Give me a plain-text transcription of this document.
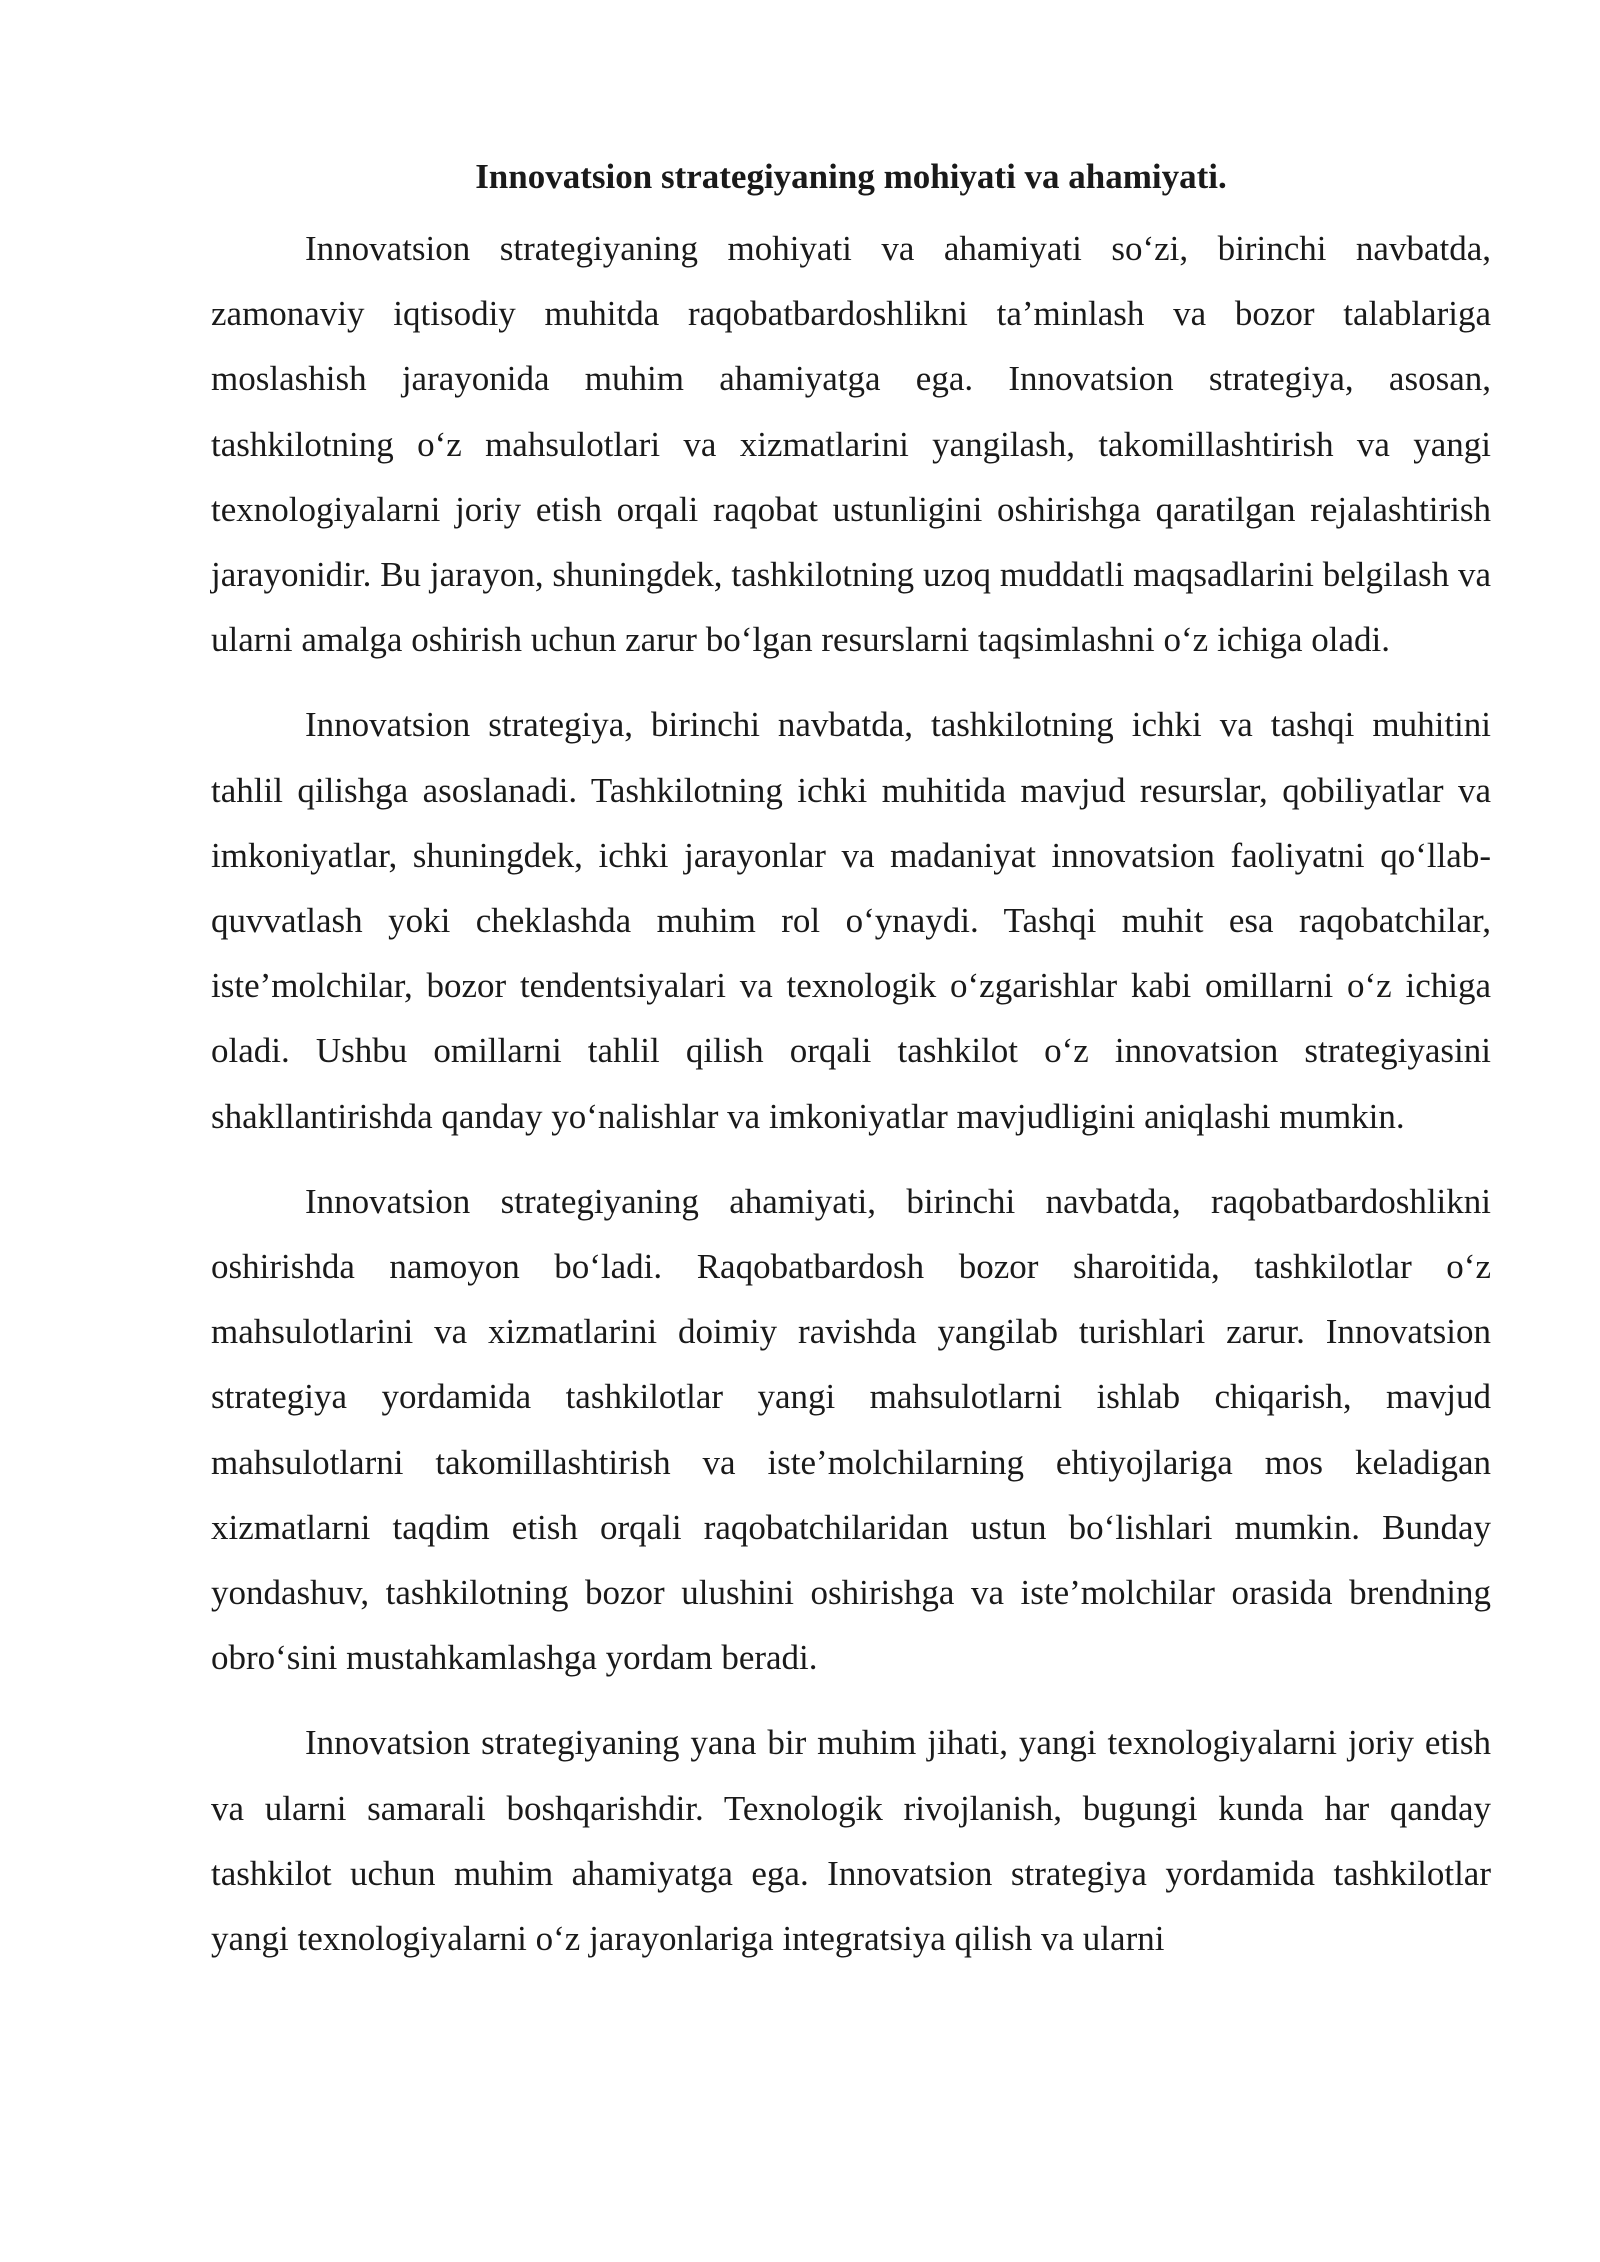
Innovatsion strategiyaning mohiyati va ahamiyati.

Innovatsion strategiyaning mohiyati va ahamiyati so‘zi, birinchi navbatda, zamonaviy iqtisodiy muhitda raqobatbardoshlikni ta’minlash va bozor talablariga moslashish jarayonida muhim ahamiyatga ega. Innovatsion strategiya, asosan, tashkilotning o‘z mahsulotlari va xizmatlarini yangilash, takomillashtirish va yangi texnologiyalarni joriy etish orqali raqobat ustunligini oshirishga qaratilgan rejalashtirish jarayonidir. Bu jarayon, shuningdek, tashkilotning uzoq muddatli maqsadlarini belgilash va ularni amalga oshirish uchun zarur bo‘lgan resurslarni taqsimlashni o‘z ichiga oladi.

Innovatsion strategiya, birinchi navbatda, tashkilotning ichki va tashqi muhitini tahlil qilishga asoslanadi. Tashkilotning ichki muhitida mavjud resurslar, qobiliyatlar va imkoniyatlar, shuningdek, ichki jarayonlar va madaniyat innovatsion faoliyatni qo‘llab-quvvatlash yoki cheklashda muhim rol o‘ynaydi. Tashqi muhit esa raqobatchilar, iste’molchilar, bozor tendentsiyalari va texnologik o‘zgarishlar kabi omillarni o‘z ichiga oladi. Ushbu omillarni tahlil qilish orqali tashkilot o‘z innovatsion strategiyasini shakllantirishda qanday yo‘nalishlar va imkoniyatlar mavjudligini aniqlashi mumkin.

Innovatsion strategiyaning ahamiyati, birinchi navbatda, raqobatbardoshlikni oshirishda namoyon bo‘ladi. Raqobatbardosh bozor sharoitida, tashkilotlar o‘z mahsulotlarini va xizmatlarini doimiy ravishda yangilab turishlari zarur. Innovatsion strategiya yordamida tashkilotlar yangi mahsulotlarni ishlab chiqarish, mavjud mahsulotlarni takomillashtirish va iste’molchilarning ehtiyojlariga mos keladigan xizmatlarni taqdim etish orqali raqobatchilaridan ustun bo‘lishlari mumkin. Bunday yondashuv, tashkilotning bozor ulushini oshirishga va iste’molchilar orasida brendning obro‘sini mustahkamlashga yordam beradi.

Innovatsion strategiyaning yana bir muhim jihati, yangi texnologiyalarni joriy etish va ularni samarali boshqarishdir. Texnologik rivojlanish, bugungi kunda har qanday tashkilot uchun muhim ahamiyatga ega. Innovatsion strategiya yordamida tashkilotlar yangi texnologiyalarni o‘z jarayonlariga integratsiya qilish va ularni
